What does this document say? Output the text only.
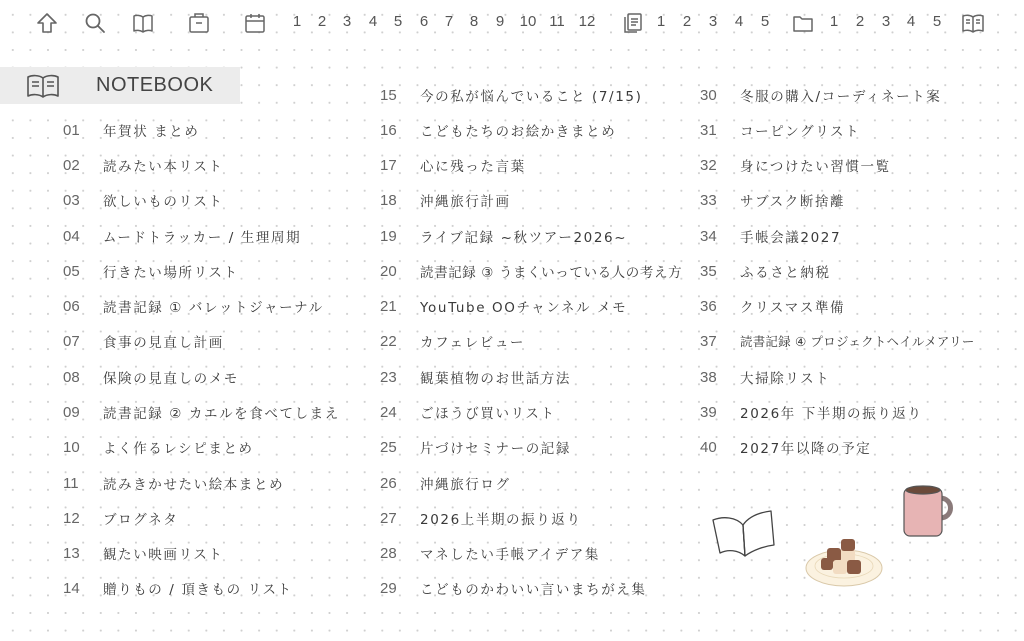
1	2	3	4	5	6	7	8	9	10 11 12	1	2	3	4	5	1	2	3	4	5
NOTEBOOK
01	年賀状 まとめ
02	読みたい本リスト
03	欲しいものリスト
04	ムードトラッカー / 生理周期
05	行きたい場所リスト
06	読書記録 ① バレットジャーナル
07	食事の見直し計画
08	保険の見直しのメモ
09	読書記録 ② カエルを食べてしまえ
10	よく作るレシピまとめ
11	読みきかせたい絵本まとめ
12	ブログネタ
13	観たい映画リスト
14	贈りもの / 頂きもの リスト
15	今の私が悩んでいること (7/15)
16	こどもたちのお絵かきまとめ
17	心に残った言葉
18	沖縄旅行計画
19	ライブ記録 ~秋ツアー2026~
20	読書記録 ③ うまくいっている人の考え方
21	YouTube OOチャンネル メモ
22	カフェレビュー
23	観葉植物のお世話方法
24	ごほうび買いリスト
25	片づけセミナーの記録
26	沖縄旅行ログ
27	2026上半期の振り返り
28	マネしたい手帳アイデア集
29	こどものかわいい言いまちがえ集
30	冬服の購入/コーディネート案
31	コーピングリスト
32	身につけたい習慣一覧
33	サブスク断捨離
34	手帳会議2027
35	ふるさと納税
36	クリスマス準備
37	読書記録 ④ プロジェクトヘイルメアリー
38	大掃除リスト
39	2026年 下半期の振り返り
40	2027年以降の予定
